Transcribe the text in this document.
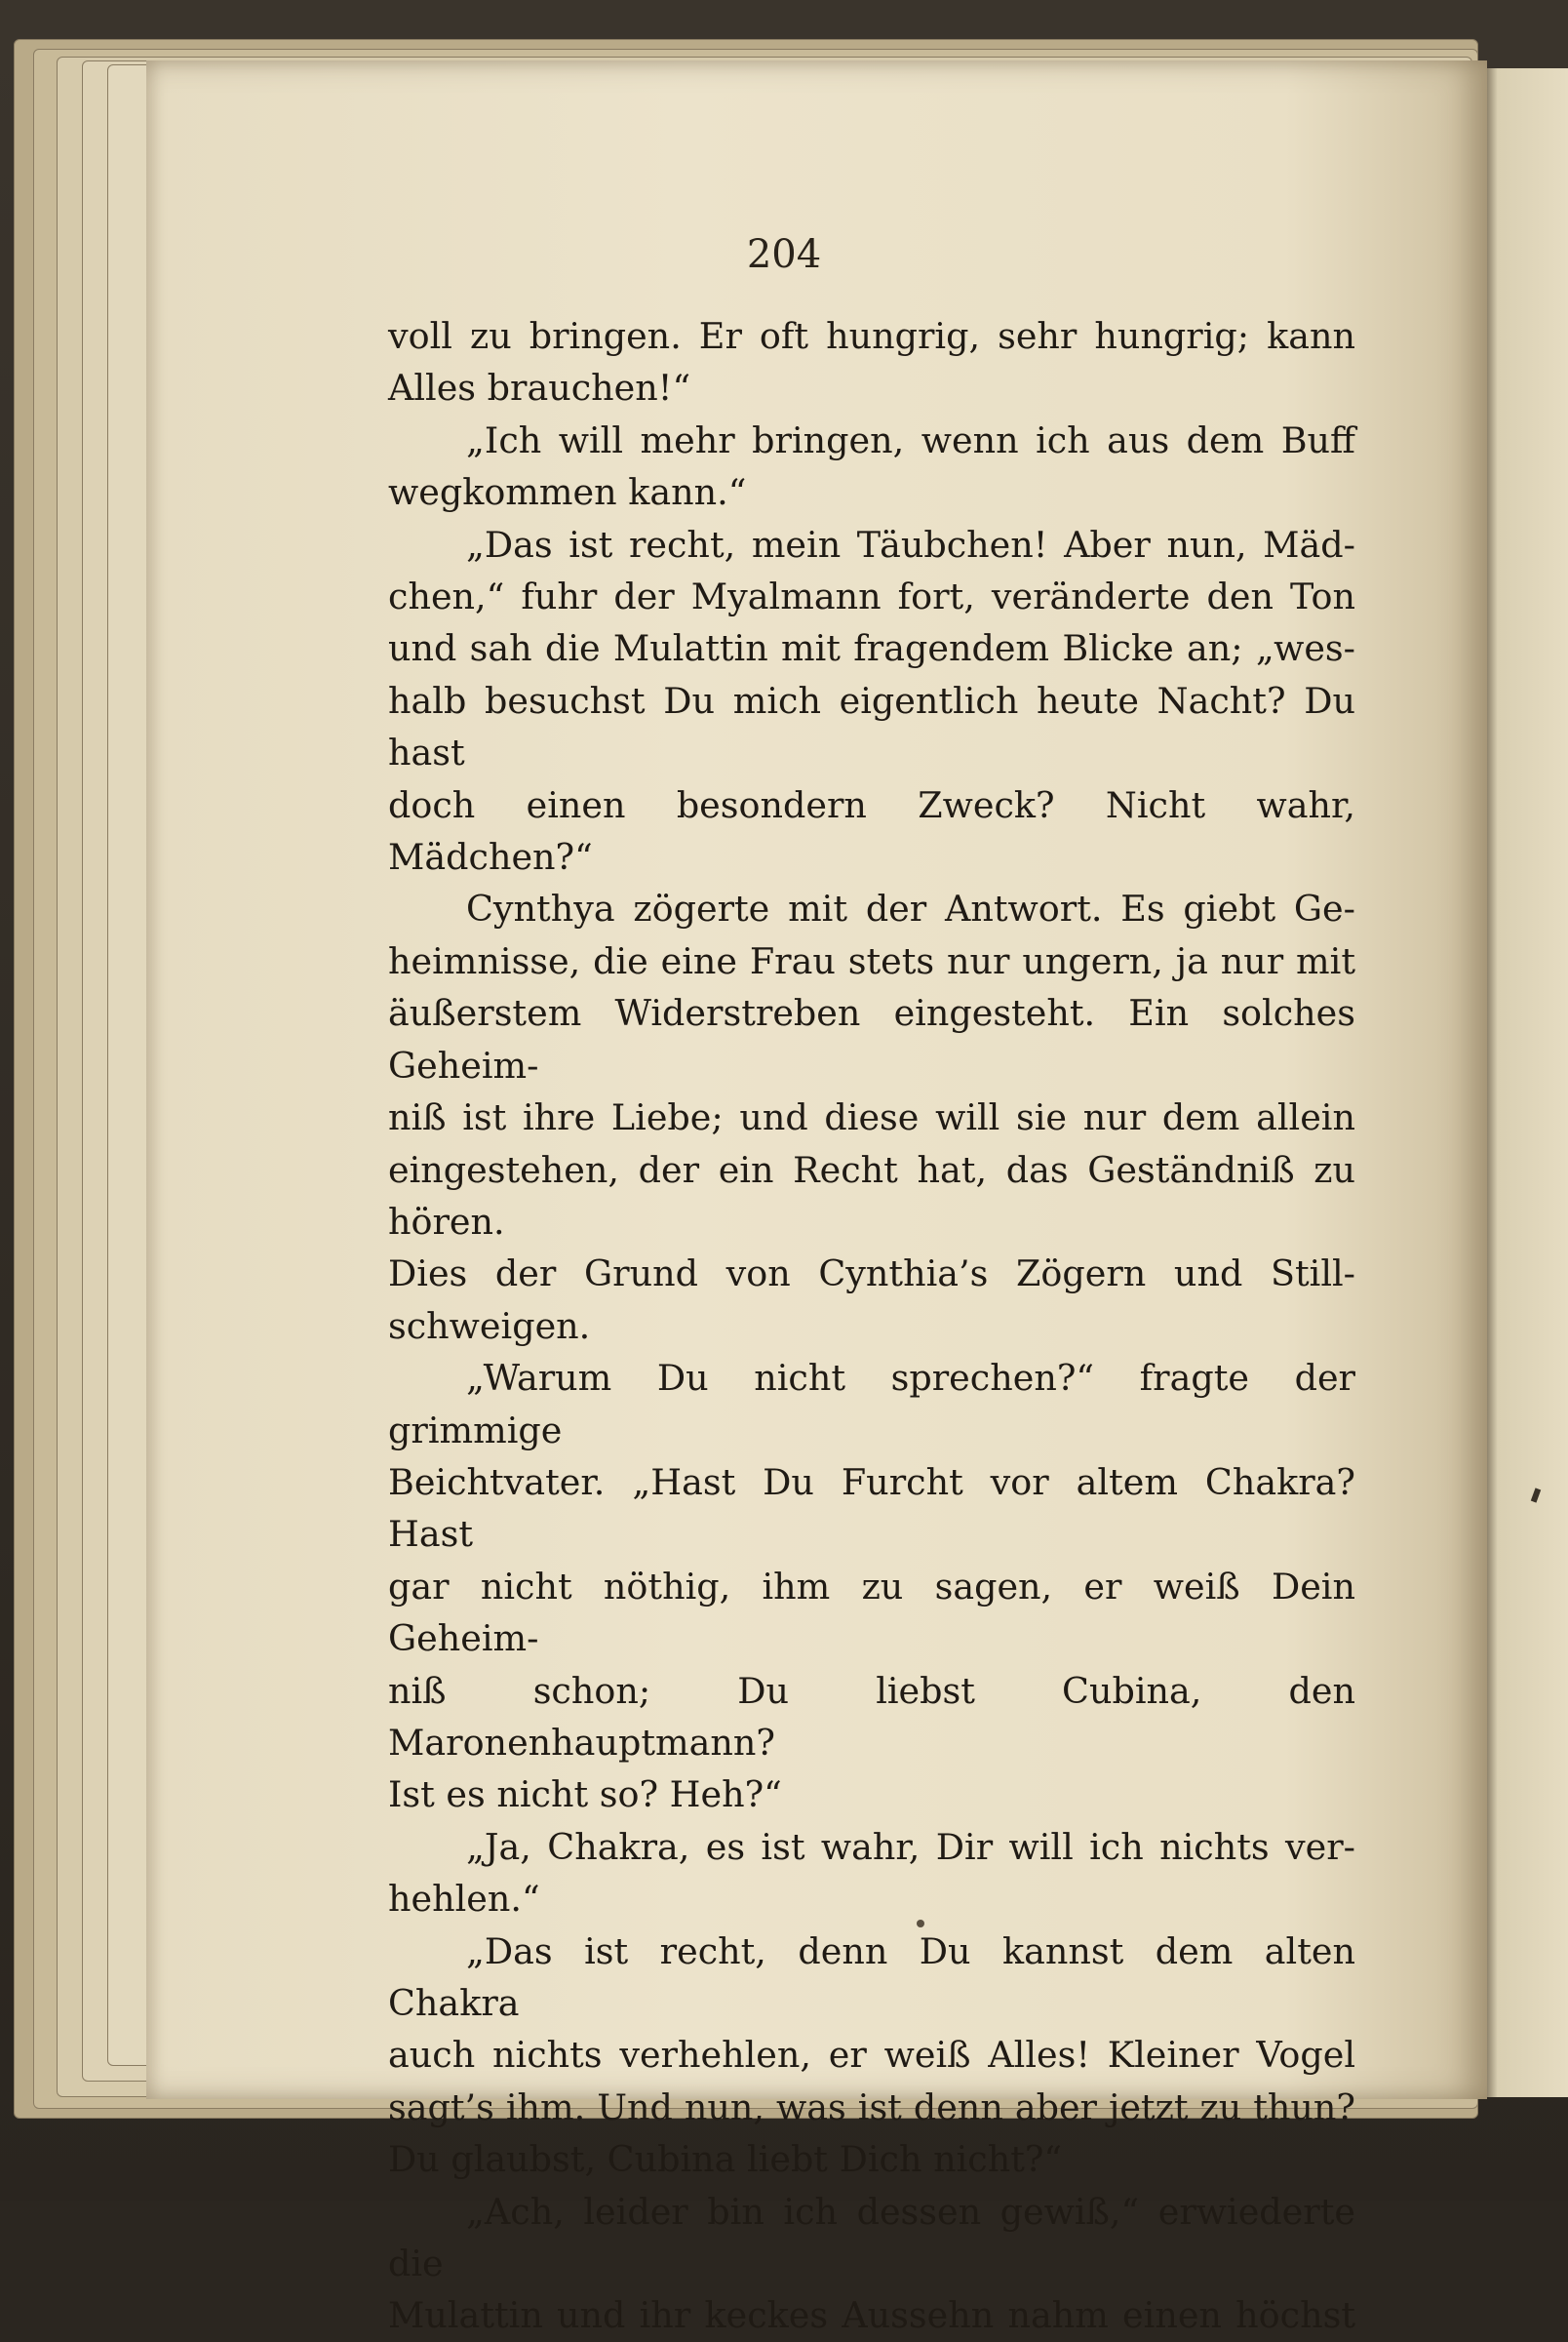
204
voll zu bringen. Er oft hungrig, sehr hungrig; kann
Alles brauchen!“
„Ich will mehr bringen, wenn ich aus dem Buff
wegkommen kann.“
„Das ist recht, mein Täubchen! Aber nun, Mäd-
chen,“ fuhr der Myalmann fort, veränderte den Ton
und sah die Mulattin mit fragendem Blicke an; „wes-
halb besuchst Du mich eigentlich heute Nacht? Du hast
doch einen besondern Zweck? Nicht wahr, Mädchen?“
Cynthya zögerte mit der Antwort. Es giebt Ge-
heimnisse, die eine Frau stets nur ungern, ja nur mit
äußerstem Widerstreben eingesteht. Ein solches Geheim-
niß ist ihre Liebe; und diese will sie nur dem allein
eingestehen, der ein Recht hat, das Geständniß zu hören.
Dies der Grund von Cynthia’s Zögern und Still-
schweigen.
„Warum Du nicht sprechen?“ fragte der grimmige
Beichtvater. „Hast Du Furcht vor altem Chakra? Hast
gar nicht nöthig, ihm zu sagen, er weiß Dein Geheim-
niß schon; Du liebst Cubina, den Maronenhauptmann?
Ist es nicht so? Heh?“
„Ja, Chakra, es ist wahr, Dir will ich nichts ver-
hehlen.“
„Das ist recht, denn Du kannst dem alten Chakra
auch nichts verhehlen, er weiß Alles! Kleiner Vogel
sagt’s ihm. Und nun, was ist denn aber jetzt zu thun?
Du glaubst, Cubina liebt Dich nicht?“
„Ach, leider bin ich dessen gewiß,“ erwiederte die
Mulattin und ihr keckes Aussehn nahm einen höchst
